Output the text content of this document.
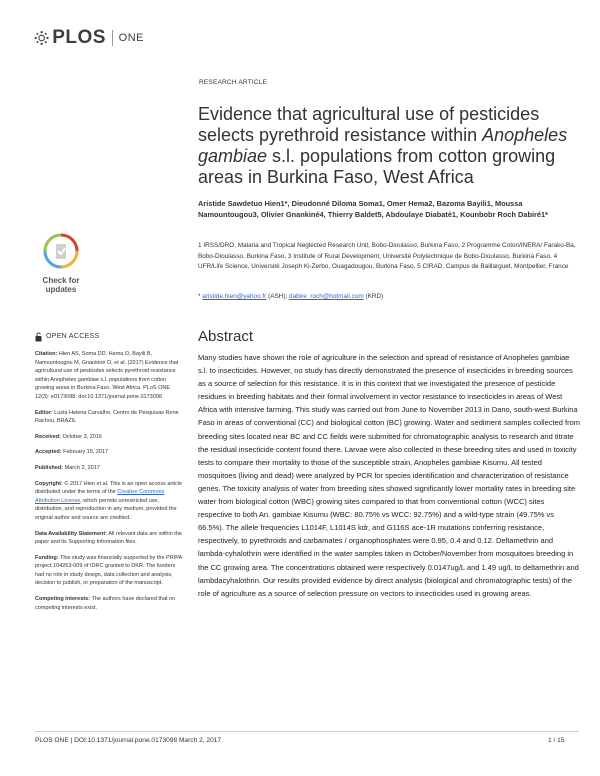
PLOS ONE
RESEARCH ARTICLE
Evidence that agricultural use of pesticides selects pyrethroid resistance within Anopheles gambiae s.l. populations from cotton growing areas in Burkina Faso, West Africa
Aristide Sawdetuo Hien1*, Dieudonné Diloma Soma1, Omer Hema2, Bazoma Bayili1, Moussa Namountougou3, Olivier Gnankiné4, Thierry Baldet5, Abdoulaye Diabaté1, Kounbobr Roch Dabiré1*
1 IRSS/DRO, Malaria and Tropical Neglected Research Unit, Bobo-Dioulasso, Burkina Faso, 2 Programme Coton/INERA/ Farako-Ba, Bobo-Dioulasso, Burkina Faso, 3 Institute of Rural Development, Université Polytechnique de Bobo-Dioulasso, Burkina Faso, 4 UFR/Life Science, Université Joseph Ki-Zerbo, Ouagadougou, Burkina Faso, 5 CIRAD, Campus de Baillarguet, Montpellier, France
* aristide.hien@yahoo.fr (ASH); dabire_roch@hotmail.com (KRD)
Check for
updates
OPEN ACCESS
Citation: Hien AS, Soma DD, Hema O, Bayili B, Namountougou M, Gnankiné O, et al. (2017) Evidence that agricultural use of pesticides selects pyrethroid resistance within Anopheles gambiae s.l. populations from cotton growing areas in Burkina Faso, West Africa. PLoS ONE 12(3): e0173098. doi:10.1371/journal.pone.0173098
Editor: Luzia Helena Carvalho, Centro de Pesquisas Rene Rachou, BRAZIL
Received: October 3, 2016
Accepted: February 15, 2017
Published: March 2, 2017
Copyright: © 2017 Hien et al. This is an open access article distributed under the terms of the Creative Commons Attribution License, which permits unrestricted use, distribution, and reproduction in any medium, provided the original author and source are credited.
Data Availability Statement: All relevant data are within the paper and its Supporting Information files.
Funding: This study was financially supported by the PRIPA project 104263-009 of IDRC granted to DKR. The funders had no role in study design, data collection and analysis, decision to publish, or preparation of the manuscript.
Competing interests: The authors have declared that no competing interests exist.
Abstract
Many studies have shown the role of agriculture in the selection and spread of resistance of Anopheles gambiae s.l. to insecticides. However, no study has directly demonstrated the presence of insecticides in breeding sources as a source of selection for this resistance. It is in this context that we investigated the presence of pesticide residues in breeding habitats and their formal involvement in vector resistance to insecticides in areas of West Africa with intensive farming. This study was carried out from June to November 2013 in Dano, south-west Burkina Faso in areas of conventional (CC) and biological cotton (BC) growing. Water and sediment samples collected from breeding sites located near BC and CC fields were submitted for chromatographic analysis to research and titrate the residual insecticide content found there. Larvae were also collected in these breeding sites and used in toxicity tests to compare their mortality to those of the susceptible strain, Anopheles gambiae Kisumu. All tested mosquitoes (living and dead) were analyzed by PCR for species identification and characterization of resistance genes. The toxicity analysis of water from breeding sites showed significantly lower mortality rates in breeding site water from biological cotton (WBC) growing sites compared to that from conventional cotton (WCC) sites respective to both An. gambiae Kisumu (WBC: 80.75% vs WCC: 92.75%) and a wild-type strain (49.75% vs 66.5%). The allele frequencies L1014F, L1014S kdr, and G116S ace-1R mutations conferring resistance, respectively, to pyrethroids and carbamates / organophosphates were 0.95, 0.4 and 0.12. Deltamethrin and lambda-cyhalothrin were identified in the water samples taken in October/November from mosquitoes breeding in the CC growing area. The concentrations obtained were respectively 0.0147ug/L and 1.49 ug/L to deltamethrin and lambdacyhalothrin. Our results provided evidence by direct analysis (biological and chromatographic tests) of the role of agriculture as a source of selection pressure on vectors to insecticides used in growing areas.
PLOS ONE | DOI:10.1371/journal.pone.0173098 March 2, 2017	1 / 15
